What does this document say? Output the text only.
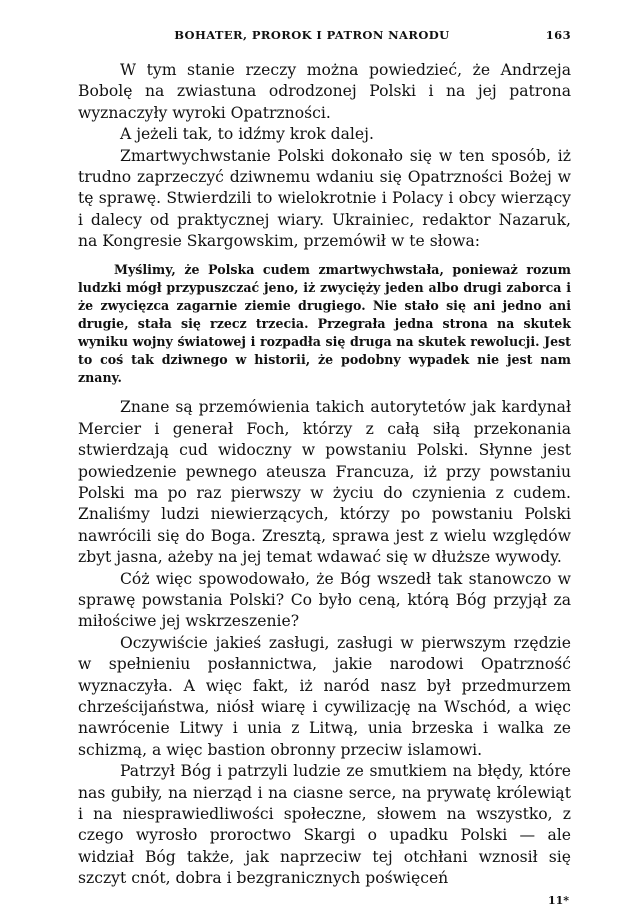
BOHATER, PROROK I PATRON NARODU	163

W tym stanie rzeczy można powiedzieć, że Andrzeja Bobolę na zwiastuna odrodzonej Polski i na jej patrona wyznaczyły wyroki Opatrzności.

A jeżeli tak, to idźmy krok dalej.

Zmartwychwstanie Polski dokonało się w ten sposób, iż trudno zaprzeczyć dziwnemu wdaniu się Opatrzności Bożej w tę sprawę. Stwierdzili to wielokrotnie i Polacy i obcy wierzący i dalecy od praktycznej wiary. Ukrainiec, redaktor Nazaruk, na Kongresie Skargowskim, przemówił w te słowa:

Myślimy, że Polska cudem zmartwychwstała, ponieważ rozum ludzki mógł przypuszczać jeno, iż zwycięży jeden albo drugi zaborca i że zwycięzca zagarnie ziemie drugiego. Nie stało się ani jedno ani drugie, stała się rzecz trzecia. Przegrała jedna strona na skutek wyniku wojny światowej i rozpadła się druga na skutek rewolucji. Jest to coś tak dziwnego w historii, że podobny wypadek nie jest nam znany.

Znane są przemówienia takich autorytetów jak kardynał Mercier i generał Foch, którzy z całą siłą przekonania stwierdzają cud widoczny w powstaniu Polski. Słynne jest powiedzenie pewnego ateusza Francuza, iż przy powstaniu Polski ma po raz pierwszy w życiu do czynienia z cudem. Znaliśmy ludzi niewierzących, którzy po powstaniu Polski nawrócili się do Boga. Zresztą, sprawa jest z wielu względów zbyt jasna, ażeby na jej temat wdawać się w dłuższe wywody.

Cóż więc spowodowało, że Bóg wszedł tak stanowczo w sprawę powstania Polski? Co było ceną, którą Bóg przyjął za miłościwe jej wskrzeszenie?

Oczywiście jakieś zasługi, zasługi w pierwszym rzędzie w spełnieniu posłannictwa, jakie narodowi Opatrzność wyznaczyła. A więc fakt, iż naród nasz był przedmurzem chrześcijaństwa, niósł wiarę i cywilizację na Wschód, a więc nawrócenie Litwy i unia z Litwą, unia brzeska i walka ze schizmą, a więc bastion obronny przeciw islamowi.

Patrzył Bóg i patrzyli ludzie ze smutkiem na błędy, które nas gubiły, na nierząd i na ciasne serce, na prywatę królewiąt i na niesprawiedliwości społeczne, słowem na wszystko, z czego wyrosło proroctwo Skargi o upadku Polski — ale widział Bóg także, jak naprzeciw tej otchłani wznosił się szczyt cnót, dobra i bezgranicznych poświęceń

11*
